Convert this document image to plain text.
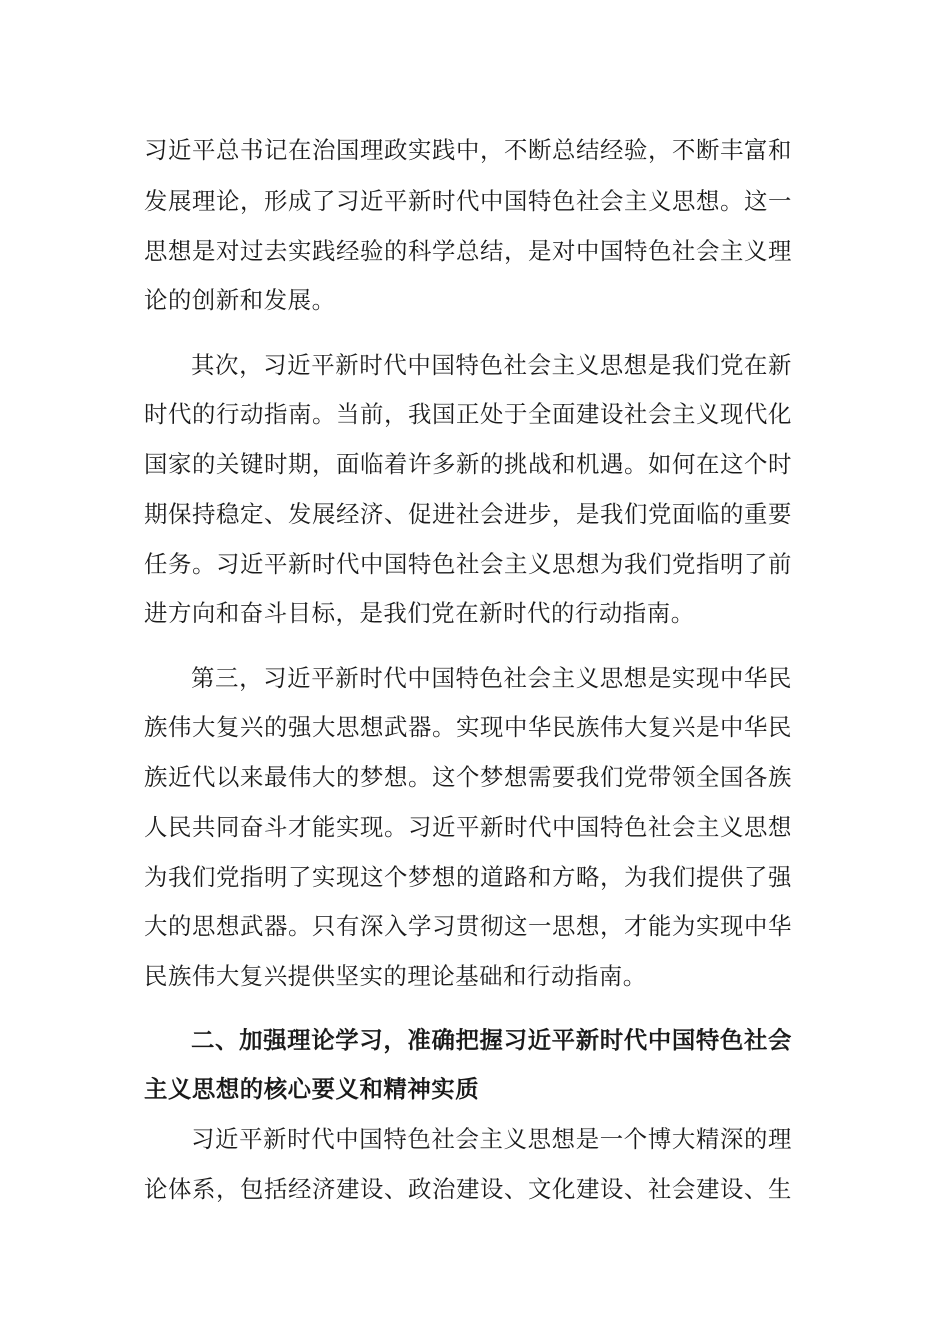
习近平总书记在治国理政实践中，不断总结经验，不断丰富和
发展理论，形成了习近平新时代中国特色社会主义思想。这一
思想是对过去实践经验的科学总结，是对中国特色社会主义理
论的创新和发展。
其次，习近平新时代中国特色社会主义思想是我们党在新
时代的行动指南。当前，我国正处于全面建设社会主义现代化
国家的关键时期，面临着许多新的挑战和机遇。如何在这个时
期保持稳定、发展经济、促进社会进步，是我们党面临的重要
任务。习近平新时代中国特色社会主义思想为我们党指明了前
进方向和奋斗目标，是我们党在新时代的行动指南。
第三，习近平新时代中国特色社会主义思想是实现中华民
族伟大复兴的强大思想武器。实现中华民族伟大复兴是中华民
族近代以来最伟大的梦想。这个梦想需要我们党带领全国各族
人民共同奋斗才能实现。习近平新时代中国特色社会主义思想
为我们党指明了实现这个梦想的道路和方略，为我们提供了强
大的思想武器。只有深入学习贯彻这一思想，才能为实现中华
民族伟大复兴提供坚实的理论基础和行动指南。
二、加强理论学习，准确把握习近平新时代中国特色社会
主义思想的核心要义和精神实质
习近平新时代中国特色社会主义思想是一个博大精深的理
论体系，包括经济建设、政治建设、文化建设、社会建设、生
